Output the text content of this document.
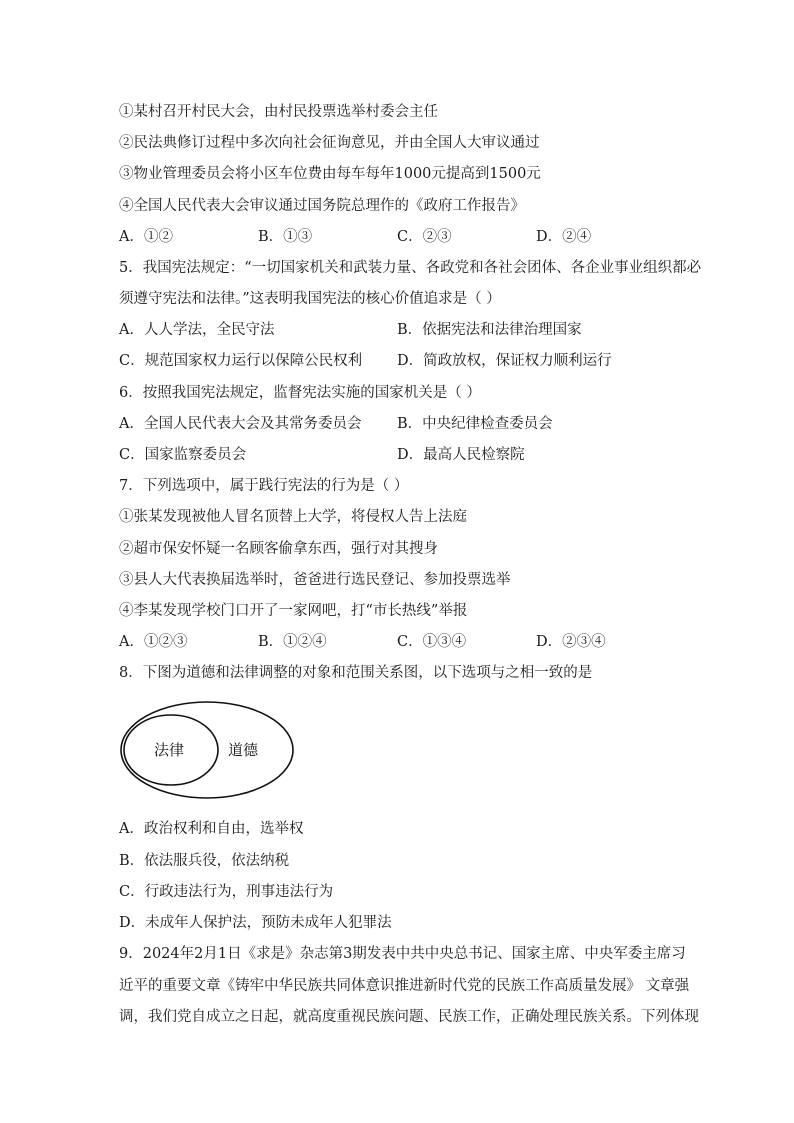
①某村召开村民大会，由村民投票选举村委会主任
②民法典修订过程中多次向社会征询意见，并由全国人大审议通过
③物业管理委员会将小区车位费由每车每年1000元提高到1500元
④全国人民代表大会审议通过国务院总理作的《政府工作报告》
A．①②	B．①③	C．②③	D．②④
5．我国宪法规定：“一切国家机关和武装力量、各政党和各社会团体、各企业事业组织都必
须遵守宪法和法律。”这表明我国宪法的核心价值追求是（ ）
A．人人学法，全民守法	B．依据宪法和法律治理国家
C．规范国家权力运行以保障公民权利 D．简政放权，保证权力顺利运行
6．按照我国宪法规定，监督宪法实施的国家机关是（ ）
A．全国人民代表大会及其常务委员会 B．中央纪律检查委员会
C．国家监察委员会	D．最高人民检察院
7．下列选项中，属于践行宪法的行为是（ ）
①张某发现被他人冒名顶替上大学，将侵权人告上法庭
②超市保安怀疑一名顾客偷拿东西，强行对其搜身
③县人大代表换届选举时，爸爸进行选民登记、参加投票选举
④李某发现学校门口开了一家网吧，打“市长热线”举报
A．①②③	B．①②④	C．①③④	D．②③④
8．下图为道德和法律调整的对象和范围关系图，以下选项与之相一致的是
法律	道德
A．政治权利和自由，选举权
B．依法服兵役，依法纳税
C．行政违法行为，刑事违法行为
D．未成年人保护法，预防未成年人犯罪法
9．2024年2月1日《求是》杂志第3期发表中共中央总书记、国家主席、中央军委主席习
近平的重要文章《铸牢中华民族共同体意识推进新时代党的民族工作高质量发展》 文章强
调，我们党自成立之日起，就高度重视民族问题、民族工作，正确处理民族关系。下列体现
